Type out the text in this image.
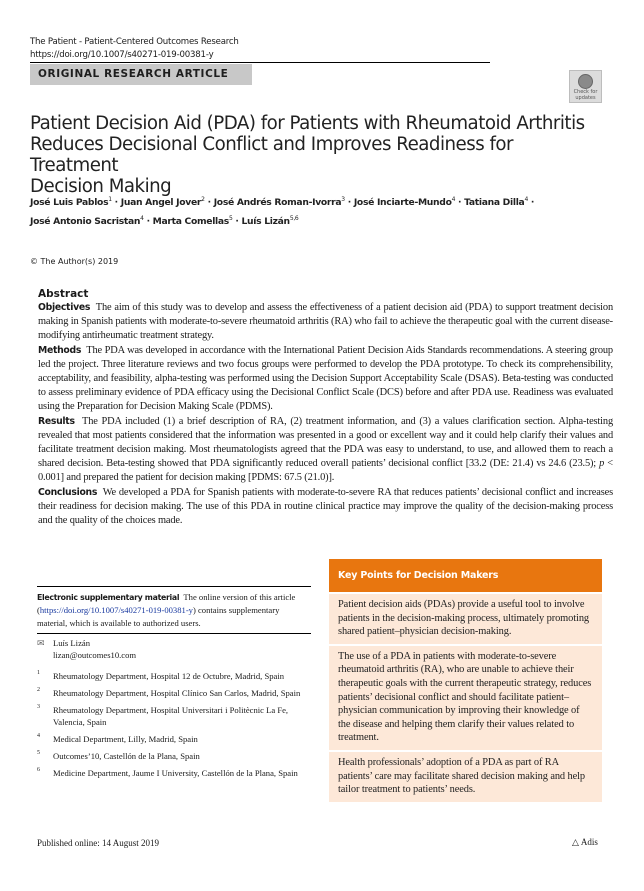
The Patient - Patient-Centered Outcomes Research
https://doi.org/10.1007/s40271-019-00381-y
ORIGINAL RESEARCH ARTICLE
Check for
updates
Patient Decision Aid (PDA) for Patients with Rheumatoid Arthritis
Reduces Decisional Conflict and Improves Readiness for Treatment
Decision Making
José Luis Pablos$^1$ · Juan Angel Jover$^2$ · José Andrés Roman-Ivorra$^3$ · José Inciarte-Mundo$^4$ · Tatiana Dilla$^4$ ·
José Antonio Sacristan$^4$ · Marta Comellas$^5$ · Luís Lizán$^{5,6}$
© The Author(s) 2019
Abstract

Objectives The aim of this study was to develop and assess the effectiveness of a patient decision aid (PDA) to support treatment decision making in Spanish patients with moderate-to-severe rheumatoid arthritis (RA) who fail to achieve the therapeutic goal with the current disease-modifying antirheumatic treatment strategy.

Methods The PDA was developed in accordance with the International Patient Decision Aids Standards recommendations. A steering group led the project. Three literature reviews and two focus groups were performed to develop the PDA prototype. To check its comprehensibility, acceptability, and feasibility, alpha-testing was performed using the Decision Support Acceptability Scale (DSAS). Beta-testing was conducted to assess preliminary evidence of PDA efficacy using the Decisional Conflict Scale (DCS) before and after PDA use. Readiness was evaluated using the Preparation for Decision Making Scale (PDMS).

Results The PDA included (1) a brief description of RA, (2) treatment information, and (3) a values clarification section. Alpha-testing revealed that most patients considered that the information was presented in a good or excellent way and it could help clarify their values and facilitate treatment decision making. Most rheumatologists agreed that the PDA was easy to understand, to use, and allowed them to reach a shared decision. Beta-testing showed that PDA significantly reduced overall patients’ decisional conflict [33.2 (DE: 21.4) vs 24.6 (23.5); p < 0.001] and prepared the patient for decision making [PDMS: 67.5 (21.0)].

Conclusions We developed a PDA for Spanish patients with moderate-to-severe RA that reduces patients’ decisional conflict and increases their readiness for decision making. The use of this PDA in routine clinical practice may improve the quality of the decision-making process and the quality of the choices made.

Electronic supplementary material The online version of this article (https://doi.org/10.1007/s40271-019-00381-y) contains supplementary material, which is available to authorized users.

✉ Luís Lizán
lizan@outcomes10.com
1 Rheumatology Department, Hospital 12 de Octubre, Madrid, Spain
2 Rheumatology Department, Hospital Clínico San Carlos, Madrid, Spain
3 Rheumatology Department, Hospital Universitari i Politècnic La Fe, Valencia, Spain
4 Medical Department, Lilly, Madrid, Spain
5 Outcomes’10, Castellón de la Plana, Spain
6 Medicine Department, Jaume I University, Castellón de la Plana, Spain
Published online: 14 August 2019
Key Points for Decision Makers
Patient decision aids (PDAs) provide a useful tool to involve patients in the decision-making process, ultimately promoting shared patient–physician decision-making.
The use of a PDA in patients with moderate-to-severe rheumatoid arthritis (RA), who are unable to achieve their therapeutic goals with the current therapeutic strategy, reduces patients’ decisional conflict and should facilitate patient–physician communication by improving their knowledge of the disease and helping them clarify their values related to treatment.
Health professionals’ adoption of a PDA as part of RA patients’ care may facilitate shared decision making and help tailor treatment to patients’ needs.
△ Adis
